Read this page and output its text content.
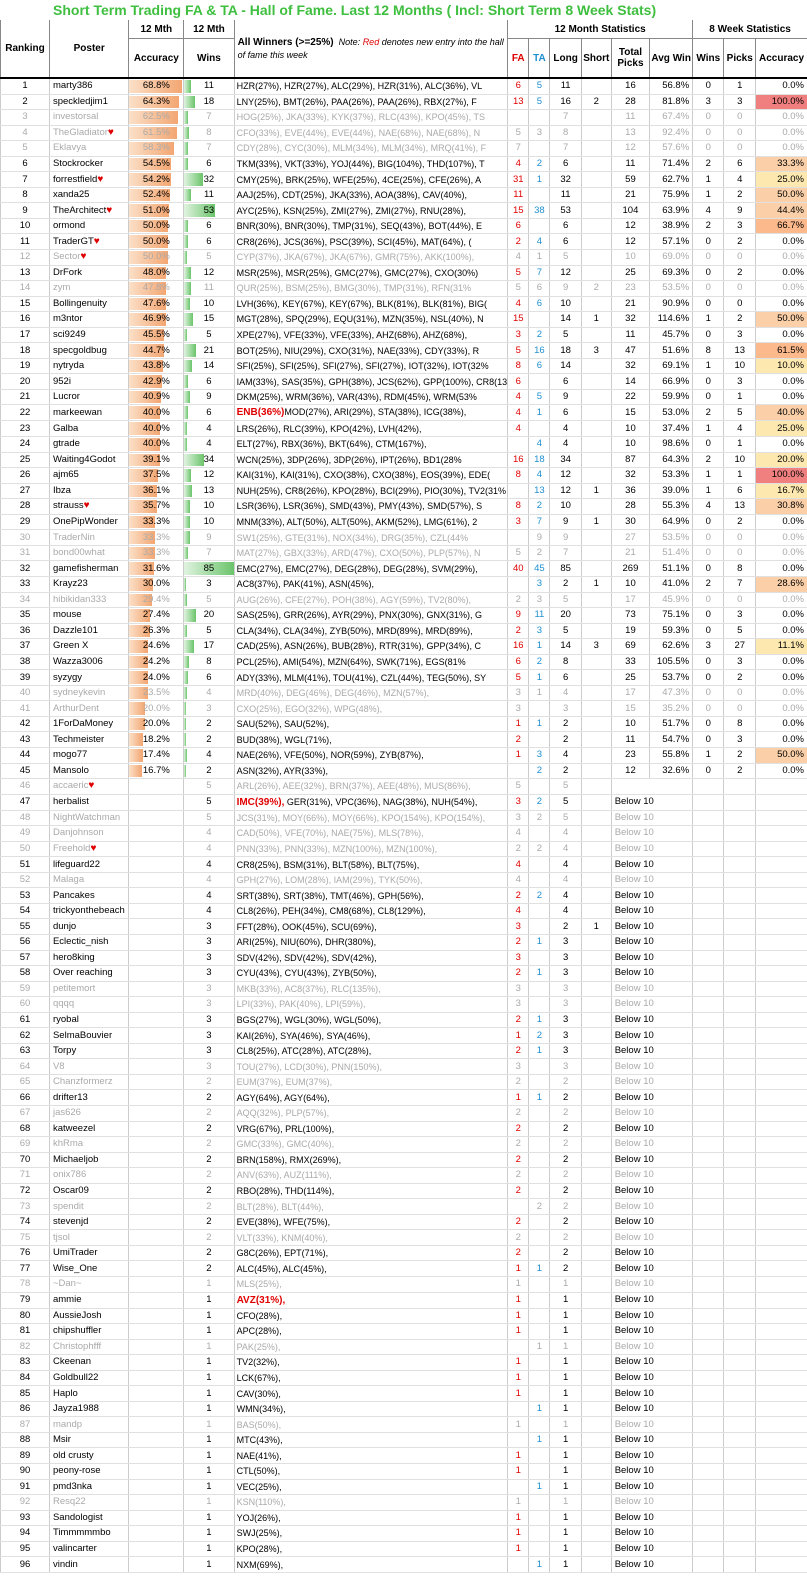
Short Term Trading FA & TA - Hall of Fame. Last 12 Months ( Incl: Short Term 8 Week Stats)
Ranking	Poster	12 Mth	12 Mth	All Winners (>=25%) Note: Red denotes new entry into the hall of fame this week	12 Month Statistics						8 Week Statistics		
		Accuracy	Wins		FA	TA	Long	Short	Total Picks	Avg Win	Wins	Picks	Accuracy
1	marty386	68.8%	11	HZR(27%), HZR(27%), ALC(29%), HZR(31%), ALC(36%), VL	6	5	11		16	56.8%	0	1	0.0%
2	speckledjim1	64.3%	18	LNY(25%), BMT(26%), PAA(26%), PAA(26%), RBX(27%), F	13	5	16	2	28	81.8%	3	3	100.0%
3	investorsal	62.5%	7	HOG(25%), JKA(33%), KYK(37%), RLC(43%), KPO(45%), TS			7		11	67.4%	0	0	0.0%
4	TheGladiator♥	61.5%	8	CFO(33%), EVE(44%), EVE(44%), NAE(68%), NAE(68%), N	5	3	8		13	92.4%	0	0	0.0%
5	Eklavya	58.3%	7	CDY(28%), CYC(30%), MLM(34%), MLM(34%), MRQ(41%), F	7		7		12	57.6%	0	0	0.0%
6	Stockrocker	54.5%	6	TKM(33%), VKT(33%), YOJ(44%), BIG(104%), THD(107%), T	4	2	6		11	71.4%	2	6	33.3%
7	forrestfield♥	54.2%	32	CMY(25%), BRK(25%), WFE(25%), 4CE(25%), CFE(26%), A	31	1	32		59	62.7%	1	4	25.0%
8	xanda25	52.4%	11	AAJ(25%), CDT(25%), JKA(33%), AOA(38%), CAV(40%),	11		11		21	75.9%	1	2	50.0%
9	TheArchitect♥	51.0%	53	AYC(25%), KSN(25%), ZMI(27%), ZMI(27%), RNU(28%),	15	38	53		104	63.9%	4	9	44.4%
10	ormond	50.0%	6	BNR(30%), BNR(30%), TMP(31%), SEQ(43%), BOT(44%), E	6		6		12	38.9%	2	3	66.7%
11	TraderGT♥	50.0%	6	CR8(26%), JCS(36%), PSC(39%), SCI(45%), MAT(64%), (	2	4	6		12	57.1%	0	2	0.0%
12	Sector♥	50.0%	5	CYP(37%), JKA(67%), JKA(67%), GMR(75%), AKK(100%),	4	1	5		10	69.0%	0	0	0.0%
13	DrFork	48.0%	12	MSR(25%), MSR(25%), GMC(27%), GMC(27%), CXO(30%)	5	7	12		25	69.3%	0	2	0.0%
14	zym	47.8%	11	QUR(25%), BSM(25%), BMG(30%), TMP(31%), RFN(31%	5	6	9	2	23	53.5%	0	0	0.0%
15	Bollingenuity	47.6%	10	LVH(36%), KEY(67%), KEY(67%), BLK(81%), BLK(81%), BIG(	4	6	10		21	90.9%	0	0	0.0%
16	m3ntor	46.9%	15	MGT(28%), SPQ(29%), EQU(31%), MZN(35%), NSL(40%), N	15		14	1	32	114.6%	1	2	50.0%
17	sci9249	45.5%	5	XPE(27%), VFE(33%), VFE(33%), AHZ(68%), AHZ(68%),	3	2	5		11	45.7%	0	3	0.0%
18	specgoldbug	44.7%	21	BOT(25%), NIU(29%), CXO(31%), NAE(33%), CDY(33%), R	5	16	18	3	47	51.6%	8	13	61.5%
19	nytryda	43.8%	14	SFI(25%), SFI(25%), SFI(27%), SFI(27%), IOT(32%), IOT(32%	8	6	14		32	69.1%	1	10	10.0%
20	952i	42.9%	6	IAM(33%), SAS(35%), GPH(38%), JCS(62%), GPP(100%), CR8(13	6		6		14	66.9%	0	3	0.0%
21	Lucror	40.9%	9	DKM(25%), WRM(36%), VAR(43%), RDM(45%), WRM(53%	4	5	9		22	59.9%	0	1	0.0%
22	markeewan	40.0%	6	ENB(36%)MOD(27%), ARI(29%), STA(38%), ICG(38%),	4	1	6		15	53.0%	2	5	40.0%
23	Galba	40.0%	4	LRS(26%), RLC(39%), KPO(42%), LVH(42%),	4		4		10	37.4%	1	4	25.0%
24	gtrade	40.0%	4	ELT(27%), RBX(36%), BKT(64%), CTM(167%),		4	4		10	98.6%	0	1	0.0%
25	Waiting4Godot	39.1%	34	WCN(25%), 3DP(26%), 3DP(26%), IPT(26%), BD1(28%	16	18	34		87	64.3%	2	10	20.0%
26	ajm65	37.5%	12	KAI(31%), KAI(31%), CXO(38%), CXO(38%), EOS(39%), EDE(	8	4	12		32	53.3%	1	1	100.0%
27	Ibza	36.1%	13	NUH(25%), CR8(26%), KPO(28%), BCI(29%), PIO(30%), TV2(31%		13	12	1	36	39.0%	1	6	16.7%
28	strauss♥	35.7%	10	LSR(36%), LSR(36%), SMD(43%), PMY(43%), SMD(57%), S	8	2	10		28	55.3%	4	13	30.8%
29	OnePipWonder	33.3%	10	MNM(33%), ALT(50%), ALT(50%), AKM(52%), LMG(61%), 2	3	7	9	1	30	64.9%	0	2	0.0%
30	TraderNin	33.3%	9	SW1(25%), GTE(31%), NOX(34%), DRG(35%), CZL(44%		9	9		27	53.5%	0	0	0.0%
31	bond00what	33.3%	7	MAT(27%), GBX(33%), ARD(47%), CXO(50%), PLP(57%), N	5	2	7		21	51.4%	0	0	0.0%
32	gamefisherman	31.6%	85	EMC(27%), EMC(27%), DEG(28%), DEG(28%), SVM(29%),	40	45	85		269	51.1%	0	8	0.0%
33	Krayz23	30.0%	3	AC8(37%), PAK(41%), ASN(45%),		3	2	1	10	41.0%	2	7	28.6%
34	hibikidan333	29.4%	5	AUG(26%), CFE(27%), POH(38%), AGY(59%), TV2(80%),	2	3	5		17	45.9%	0	0	0.0%
35	mouse	27.4%	20	SAS(25%), GRR(26%), AYR(29%), PNX(30%), GNX(31%), G	9	11	20		73	75.1%	0	3	0.0%
36	Dazzle101	26.3%	5	CLA(34%), CLA(34%), ZYB(50%), MRD(89%), MRD(89%),	2	3	5		19	59.3%	0	5	0.0%
37	Green X	24.6%	17	CAD(25%), ASN(26%), BUB(28%), RTR(31%), GPP(34%), C	16	1	14	3	69	62.6%	3	27	11.1%
38	Wazza3006	24.2%	8	PCL(25%), AMI(54%), MZN(64%), SWK(71%), EGS(81%	6	2	8		33	105.5%	0	3	0.0%
39	syzygy	24.0%	6	ADY(33%), MLM(41%), TOU(41%), CZL(44%), TEG(50%), SY	5	1	6		25	53.7%	0	2	0.0%
40	sydneykevin	23.5%	4	MRD(40%), DEG(46%), DEG(46%), MZN(57%),	3	1	4		17	47.3%	0	0	0.0%
41	ArthurDent	20.0%	3	CXO(25%), EGO(32%), WPG(48%),	3		3		15	35.2%	0	0	0.0%
42	1ForDaMoney	20.0%	2	SAU(52%), SAU(52%),	1	1	2		10	51.7%	0	8	0.0%
43	Techmeister	18.2%	2	BUD(38%), WGL(71%),	2		2		11	54.7%	0	3	0.0%
44	mogo77	17.4%	4	NAE(26%), VFE(50%), NOR(59%), ZYB(87%),	1	3	4		23	55.8%	1	2	50.0%
45	Mansolo	16.7%	2	ASN(32%), AYR(33%),		2	2		12	32.6%	0	2	0.0%
46	accaeric♥		5	ARL(26%), AEE(32%), BRN(37%), AEE(48%), MUS(86%),	5		5						
47	herbalist		5	IMC(39%), GER(31%), VPC(36%), NAG(38%), NUH(54%),	3	2	5		Below 10				
48	NightWatchman		5	JCS(31%), MOY(66%), MOY(66%), KPO(154%), KPO(154%),	3	2	5		Below 10				
49	Danjohnson		4	CAD(50%), VFE(70%), NAE(75%), MLS(78%),	4		4		Below 10				
50	Freehold♥		4	PNN(33%), PNN(33%), MZN(100%), MZN(100%),	2	2	4		Below 10				
51	lifeguard22		4	CR8(25%), BSM(31%), BLT(58%), BLT(75%),	4		4		Below 10				
52	Malaga		4	GPH(27%), LOM(28%), IAM(29%), TYK(50%),	4		4		Below 10				
53	Pancakes		4	SRT(38%), SRT(38%), TMT(46%), GPH(56%),	2	2	4		Below 10				
54	trickyonthebeach		4	CL8(26%), PEH(34%), CM8(68%), CL8(129%),	4		4		Below 10				
55	dunjo		3	FFT(28%), OOK(45%), SCU(69%),	3		2	1	Below 10				
56	Eclectic_nish		3	ARI(25%), NIU(60%), DHR(380%),	2	1	3		Below 10				
57	hero8king		3	SDV(42%), SDV(42%), SDV(42%),	3		3		Below 10				
58	Over reaching		3	CYU(43%), CYU(43%), ZYB(50%),	2	1	3		Below 10				
59	petitemort		3	MKB(33%), AC8(37%), RLC(135%),	3		3		Below 10				
60	qqqq		3	LPI(33%), PAK(40%), LPI(59%),	3		3		Below 10				
61	ryobal		3	BGS(27%), WGL(30%), WGL(50%),	2	1	3		Below 10				
62	SelmaBouvier		3	KAI(26%), SYA(46%), SYA(46%),	1	2	3		Below 10				
63	Torpy		3	CL8(25%), ATC(28%), ATC(28%),	2	1	3		Below 10				
64	V8		3	TOU(27%), LCD(30%), PNN(150%),	3		3		Below 10				
65	Chanzformerz		2	EUM(37%), EUM(37%),	2		2		Below 10				
66	drifter13		2	AGY(64%), AGY(64%),	1	1	2		Below 10				
67	jas626		2	AQQ(32%), PLP(57%),	2		2		Below 10				
68	katweezel		2	VRG(67%), PRL(100%),	2		2		Below 10				
69	khRma		2	GMC(33%), GMC(40%),	2		2		Below 10				
70	Michaeljob		2	BRN(158%), RMX(269%),	2		2		Below 10				
71	onix786		2	ANV(63%), AUZ(111%),	2		2		Below 10				
72	Oscar09		2	RBO(28%), THD(114%),	2		2		Below 10				
73	spendit		2	BLT(28%), BLT(44%),		2	2		Below 10				
74	stevenjd		2	EVE(38%), WFE(75%),	2		2		Below 10				
75	tjsol		2	VLT(33%), KNM(40%),	2		2		Below 10				
76	UmiTrader		2	G8C(26%), EPT(71%),	2		2		Below 10				
77	Wise_One		2	ALC(45%), ALC(45%),	1	1	2		Below 10				
78	~Dan~		1	MLS(25%),	1		1		Below 10				
79	ammie		1	AVZ(31%),	1		1		Below 10				
80	AussieJosh		1	CFO(28%),	1		1		Below 10				
81	chipshuffler		1	APC(28%),	1		1		Below 10				
82	Christophfff		1	PAK(25%),		1	1		Below 10				
83	Ckeenan		1	TV2(32%),	1		1		Below 10				
84	Goldbull22		1	LCK(67%),	1		1		Below 10				
85	Haplo		1	CAV(30%),	1		1		Below 10				
86	Jayza1988		1	WMN(34%),		1	1		Below 10				
87	mandp		1	BAS(50%),	1		1		Below 10				
88	Msir		1	MTC(43%),		1	1		Below 10				
89	old crusty		1	NAE(41%),	1		1		Below 10				
90	peony-rose		1	CTL(50%),	1		1		Below 10				
91	pmd3nka		1	VEC(25%),		1	1		Below 10				
92	Resq22		1	KSN(110%),	1		1		Below 10				
93	Sandologist		1	YOJ(26%),	1		1		Below 10				
94	Timmmmmbo		1	SWJ(25%),	1		1		Below 10				
95	valincarter		1	KPO(28%),	1		1		Below 10				
96	vindin		1	NXM(69%),		1	1		Below 10				
